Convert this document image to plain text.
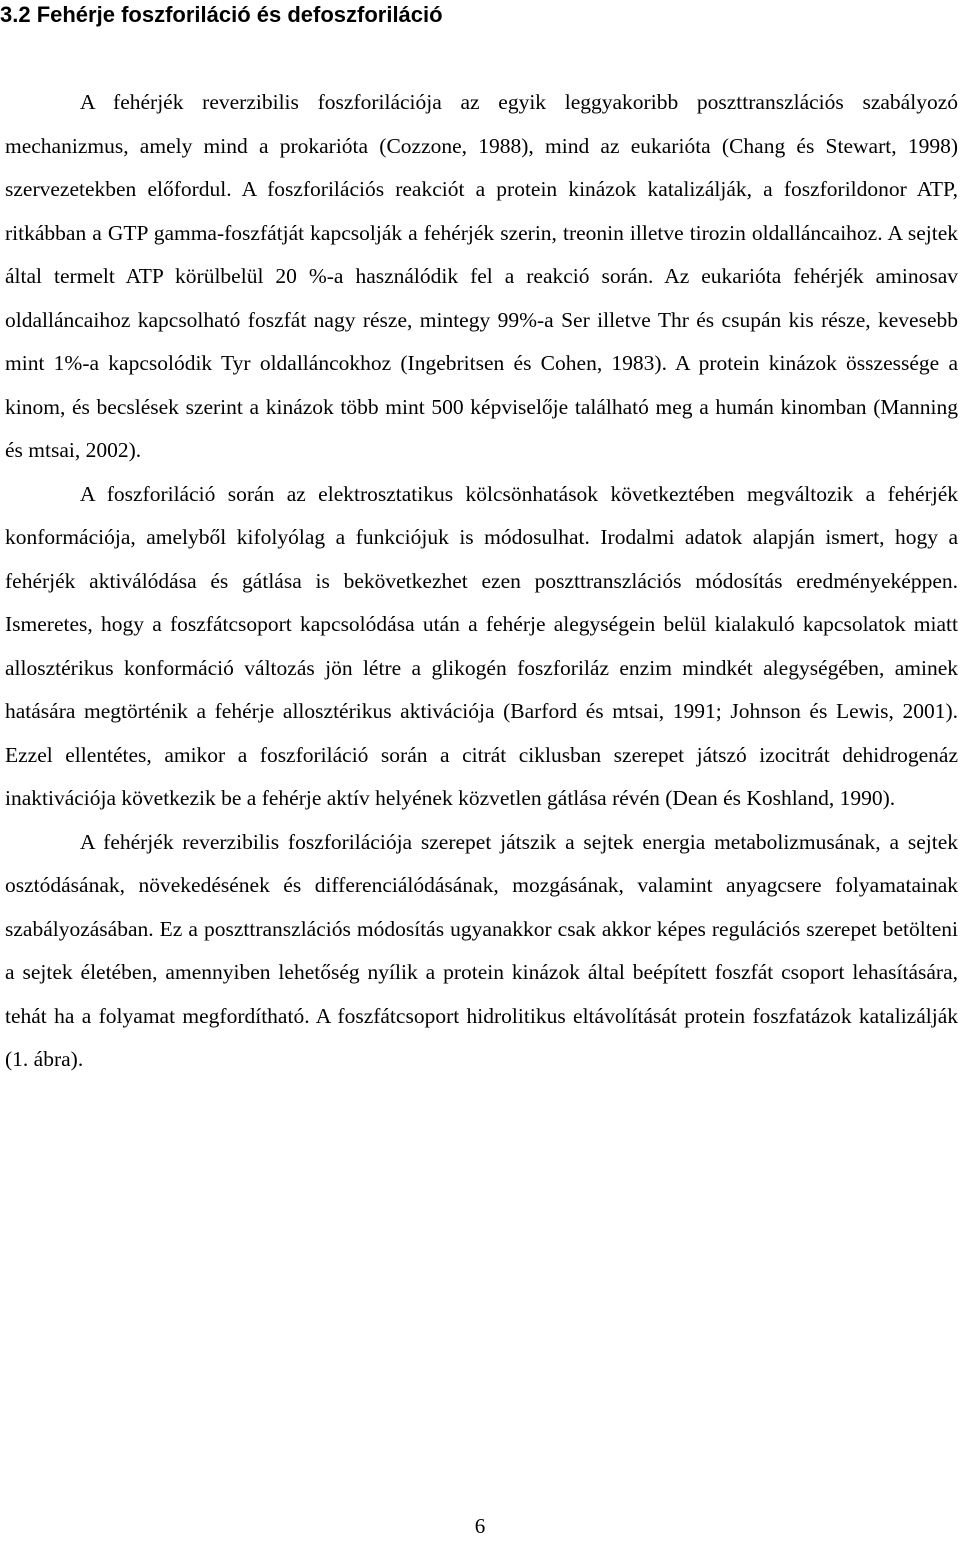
3.2 Fehérje foszforiláció és defoszforiláció

A fehérjék reverzibilis foszforilációja az egyik leggyakoribb poszttranszlációs szabályozó mechanizmus, amely mind a prokarióta (Cozzone, 1988), mind az eukarióta (Chang és Stewart, 1998) szervezetekben előfordul. A foszforilációs reakciót a protein kinázok katalizálják, a foszforildonor ATP, ritkábban a GTP gamma-foszfátját kapcsolják a fehérjék szerin, treonin illetve tirozin oldalláncaihoz. A sejtek által termelt ATP körülbelül 20 %-a használódik fel a reakció során. Az eukarióta fehérjék aminosav oldalláncaihoz kapcsolható foszfát nagy része, mintegy 99%-a Ser illetve Thr és csupán kis része, kevesebb mint 1%-a kapcsolódik Tyr oldalláncokhoz (Ingebritsen és Cohen, 1983). A protein kinázok összessége a kinom, és becslések szerint a kinázok több mint 500 képviselője található meg a humán kinomban (Manning és mtsai, 2002).

A foszforiláció során az elektrosztatikus kölcsönhatások következtében megváltozik a fehérjék konformációja, amelyből kifolyólag a funkciójuk is módosulhat. Irodalmi adatok alapján ismert, hogy a fehérjék aktiválódása és gátlása is bekövetkezhet ezen poszttranszlációs módosítás eredményeképpen. Ismeretes, hogy a foszfátcsoport kapcsolódása után a fehérje alegységein belül kialakuló kapcsolatok miatt allosztérikus konformáció változás jön létre a glikogén foszforiláz enzim mindkét alegységében, aminek hatására megtörténik a fehérje allosztérikus aktivációja (Barford és mtsai, 1991; Johnson és Lewis, 2001). Ezzel ellentétes, amikor a foszforiláció során a citrát ciklusban szerepet játszó izocitrát dehidrogenáz inaktivációja következik be a fehérje aktív helyének közvetlen gátlása révén (Dean és Koshland, 1990).

A fehérjék reverzibilis foszforilációja szerepet játszik a sejtek energia metabolizmusának, a sejtek osztódásának, növekedésének és differenciálódásának, mozgásának, valamint anyagcsere folyamatainak szabályozásában. Ez a poszttranszlációs módosítás ugyanakkor csak akkor képes regulációs szerepet betölteni a sejtek életében, amennyiben lehetőség nyílik a protein kinázok által beépített foszfát csoport lehasítására, tehát ha a folyamat megfordítható. A foszfátcsoport hidrolitikus eltávolítását protein foszfatázok katalizálják (1. ábra).

6
